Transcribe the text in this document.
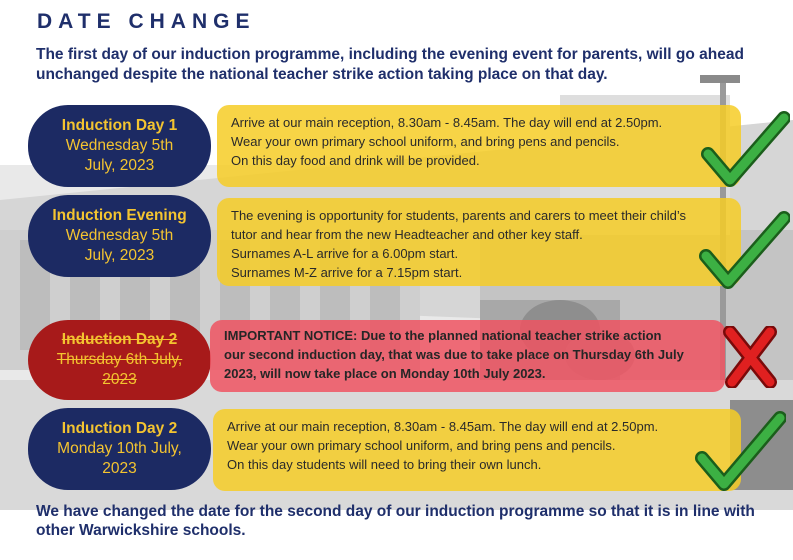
DATE CHANGE
The first day of our induction programme, including the evening event for parents, will go ahead unchanged despite the national teacher strike action taking place on that day.
Induction Day 1
Wednesday 5th
July, 2023
Arrive at our main reception, 8.30am - 8.45am. The day will end at 2.50pm.
Wear your own primary school uniform, and bring pens and pencils.
On this day food and drink will be provided.
Induction Evening
Wednesday 5th
July, 2023
The evening is opportunity for students, parents and carers to meet their child’s
tutor and hear from the new Headteacher and other key staff.
Surnames A-L arrive for a 6.00pm start.
Surnames M-Z arrive for a 7.15pm start.
Induction Day 2
Thursday 6th July,
2023
IMPORTANT NOTICE: Due to the planned national teacher strike action
our second induction day, that was due to take place on Thursday 6th July
2023, will now take place on Monday 10th July 2023.
Induction Day 2
Monday 10th July,
2023
Arrive at our main reception, 8.30am - 8.45am. The day will end at 2.50pm.
Wear your own primary school uniform, and bring pens and pencils.
On this day students will need to bring their own lunch.
We have changed the date for the second day of our induction programme so that it is in line with other Warwickshire schools.
